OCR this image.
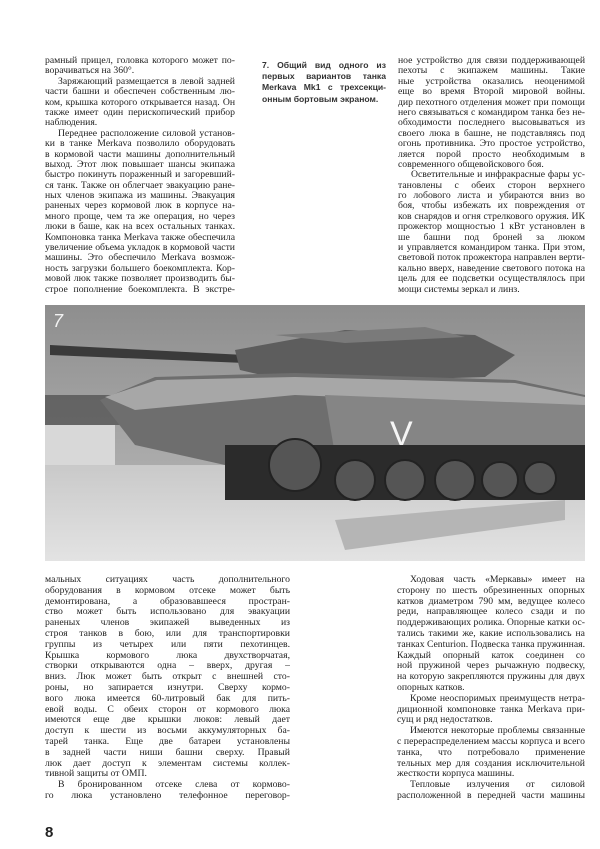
рамный прицел, головка которого может по-
ворачиваться на 360°.
Заряжающий размещается в левой задней
части башни и обеспечен собственным лю-
ком, крышка которого открывается назад. Он
также имеет один перископический прибор
наблюдения.
Переднее расположение силовой установ-
ки в танке Merkava позволило оборудовать
в кормовой части машины дополнительный
выход. Этот люк повышает шансы экипажа
быстро покинуть пораженный и загоревший-
ся танк. Также он облегчает эвакуацию ране-
ных членов экипажа из машины. Эвакуация
раненых через кормовой люк в корпусе на-
много проще, чем та же операция, но через
люки в баше, как на всех остальных танках.
Компоновка танка Merkava также обеспечила
увеличение объема укладок в кормовой части
машины. Это обеспечило Merkava возмож-
ность загрузки большего боекомплекта. Кор-
мовой люк также позволяет производить бы-
строе пополнение боекомплекта. В экстре-
7. Общий вид одного из
первых вариантов танка
Merkava Mk1 с трехсекци-
онным бортовым экраном.
ное устройство для связи поддерживающей
пехоты с экипажем машины. Такие
ные устройства оказались неоценимой
еще во время Второй мировой войны.
дир пехотного отделения может при помощи
него связываться с командиром танка без не-
обходимости последнего высовываться из
своего люка в башне, не подставляясь под
огонь противника. Это простое устройство,
ляется порой просто необходимым в
современного общевойскового боя.
Осветительные и инфракрасные фары ус-
тановлены с обеих сторон верхнего
го лобового листа и убираются вниз во
боя, чтобы избежать их повреждения от
ков снарядов и огня стрелкового оружия. ИК
прожектор мощностью 1 кВт установлен в
ше башни под броней за люком
и управляется командиром танка. При этом,
световой поток прожектора направлен верти-
кально вверх, наведение светового потока на
цель для ее подсветки осуществлялось при
мощи системы зеркал и линз.
V
7
мальных ситуациях часть дополнительного
оборудования в кормовом отсеке может быть
демонтирована, а образовавшееся простран-
ство может быть использовано для эвакуации
раненых членов экипажей выведенных из
строя танков в бою, или для транспортировки
группы из четырех или пяти пехотинцев.
Крышка кормового люка двухстворчатая,
створки открываются одна – вверх, другая –
вниз. Люк может быть открыт с внешней сто-
роны, но запирается изнутри. Сверху кормо-
вого люка имеется 60-литровый бак для пить-
евой воды. С обеих сторон от кормового люка
имеются еще две крышки люков: левый дает
доступ к шести из восьми аккумуляторных ба-
тарей танка. Еще две батареи установлены
в задней части ниши башни сверху. Правый
люк дает доступ к элементам системы коллек-
тивной защиты от ОМП.
В бронированном отсеке слева от кормово-
го люка установлено телефонное переговор-
Ходовая часть «Меркавы» имеет на
сторону по шесть обрезиненных опорных
катков диаметром 790 мм, ведущее колесо
реди, направляющее колесо сзади и по
поддерживающих ролика. Опорные катки ос-
тались такими же, какие использовались на
танках Centurion. Подвеска танка пружинная.
Каждый опорный каток соединен со
ной пружиной через рычажную подвеску,
на которую закрепляются пружины для двух
опорных катков.
Кроме неоспоримых преимуществ нетра-
диционной компоновке танка Merkava при-
сущ и ряд недостатков.
Имеются некоторые проблемы связанные
с перераспределением массы корпуса и всего
танка, что потребовало применение
тельных мер для создания исключительной
жесткости корпуса машины.
Тепловые излучения от силовой
расположенной в передней части машины
8
